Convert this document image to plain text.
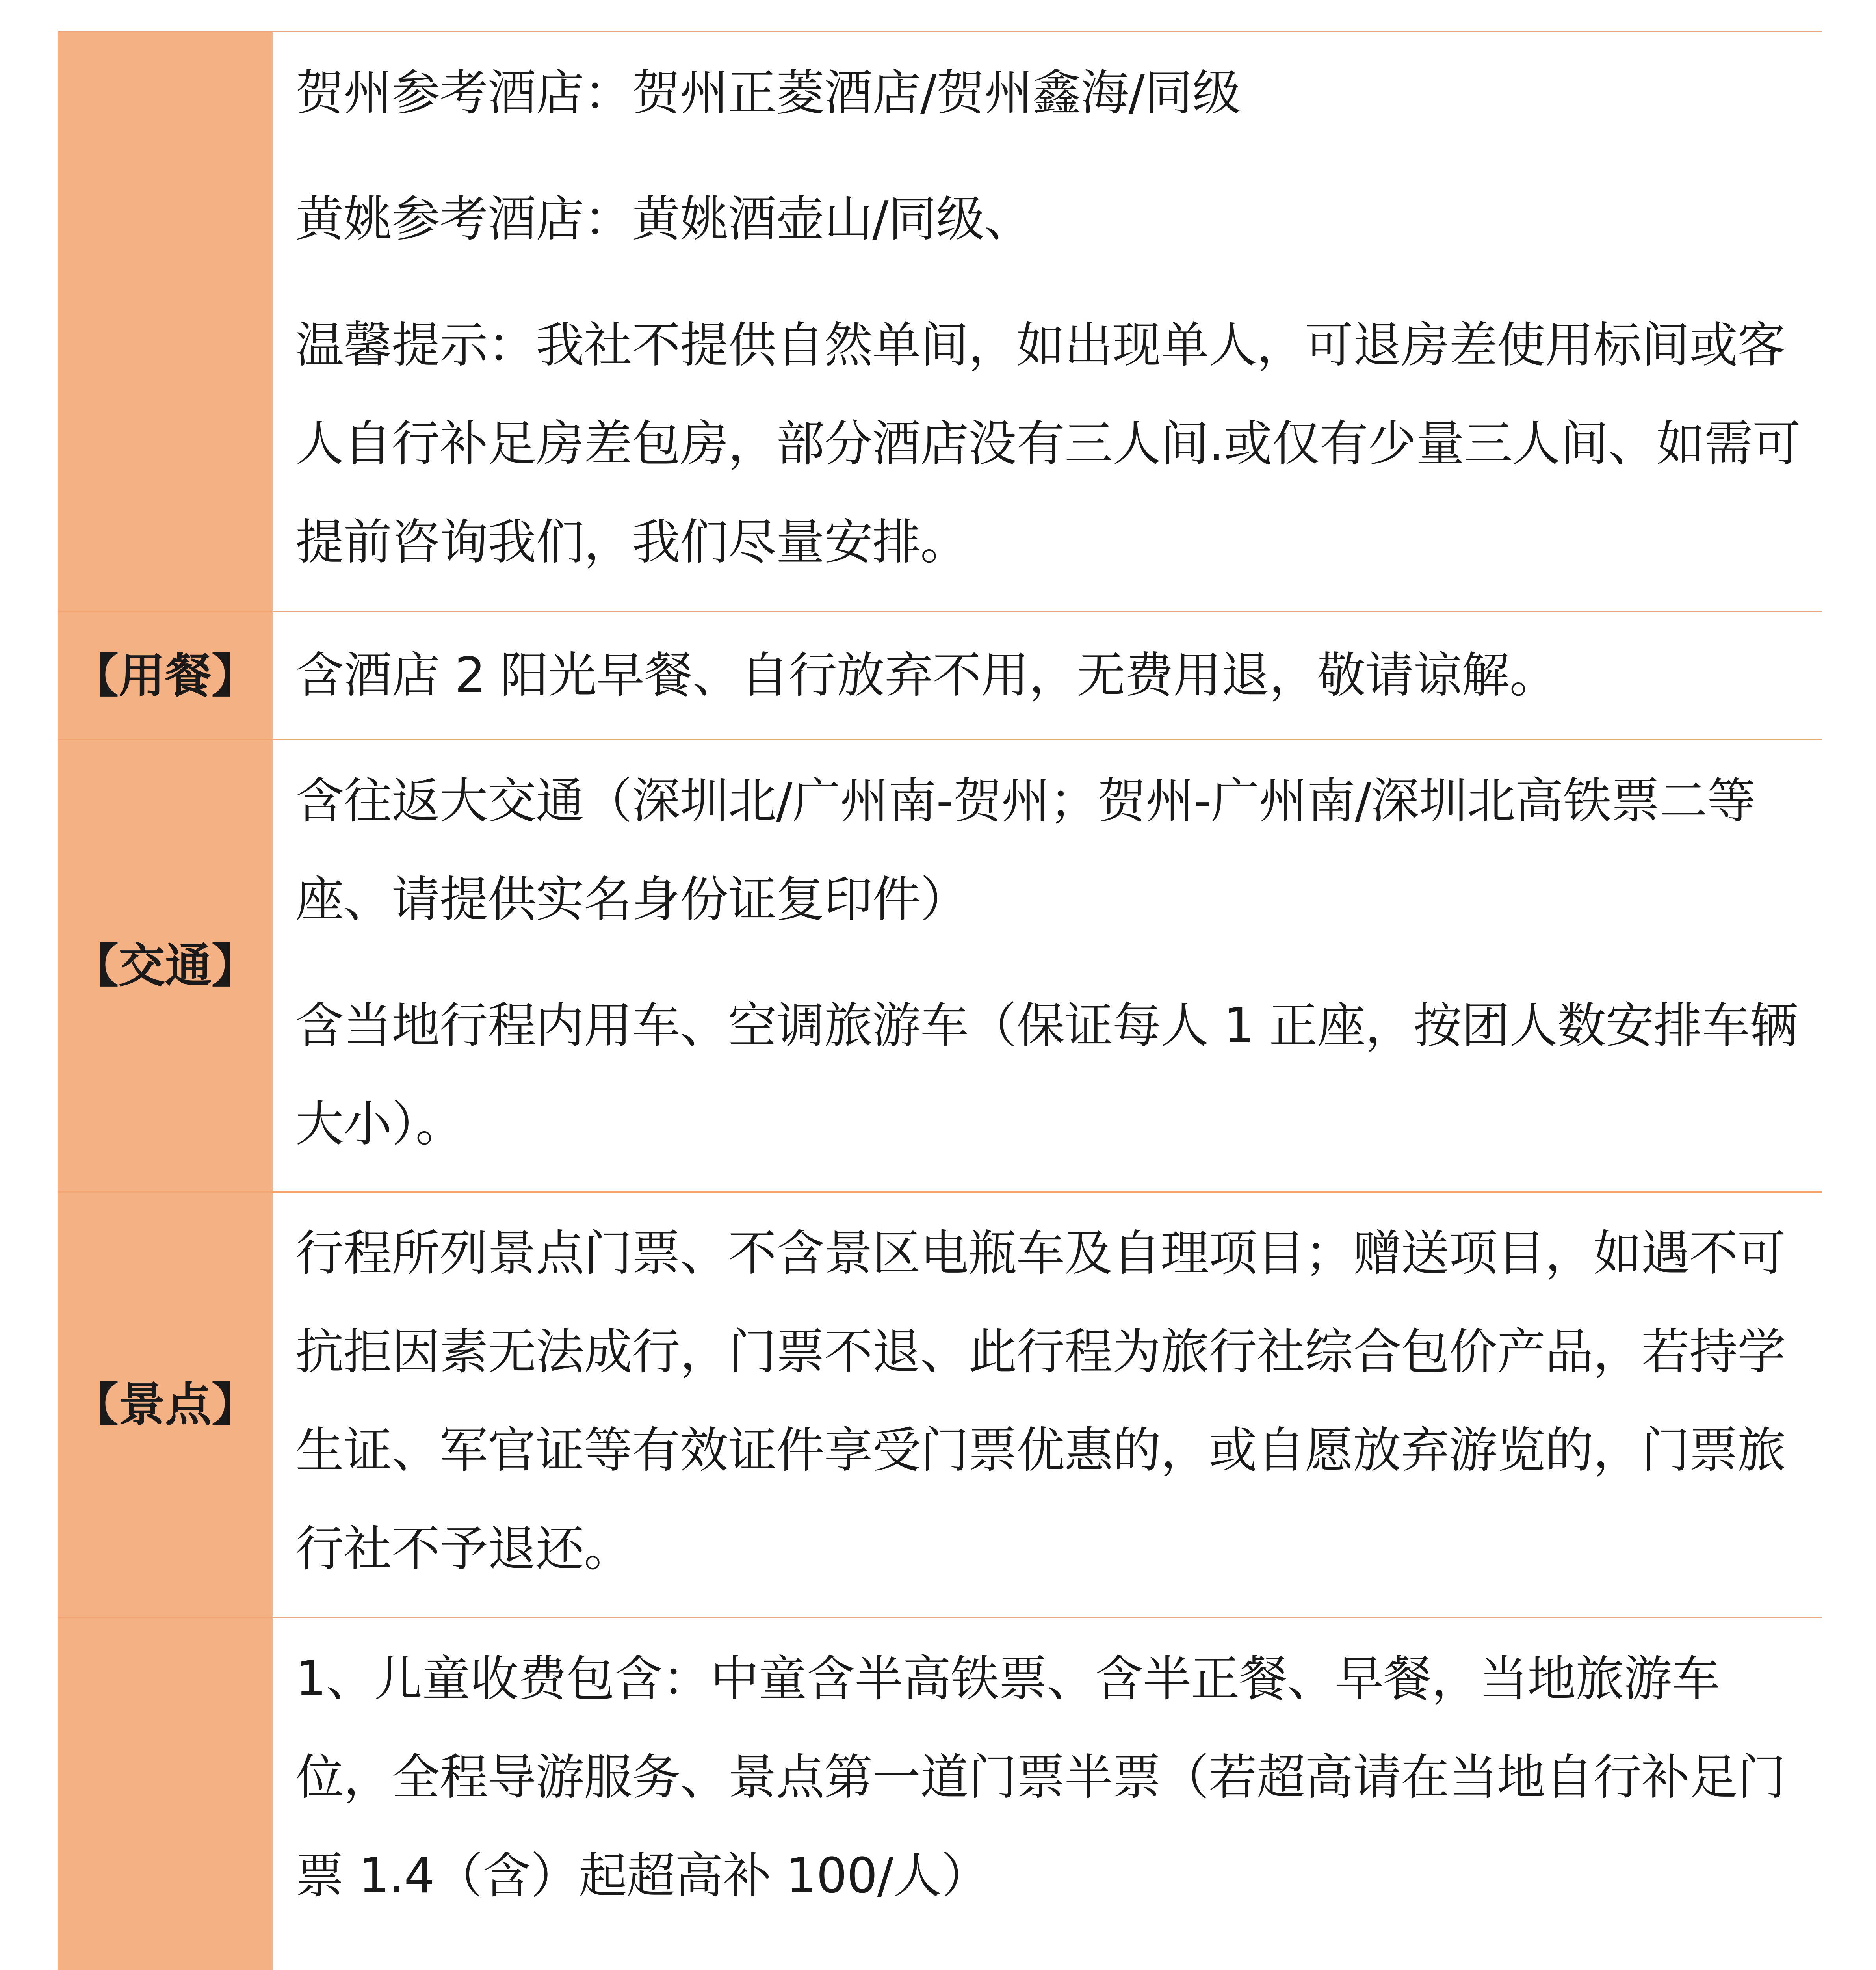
贺州参考酒店：贺州正菱酒店/贺州鑫海/同级

黄姚参考酒店：黄姚酒壶山/同级、

温馨提示：我社不提供自然单间，如出现单人，可退房差使用标间或客人自行补足房差包房，部分酒店没有三人间.或仅有少量三人间、如需可提前咨询我们，我们尽量安排。

【用餐】 含酒店 2 阳光早餐、自行放弃不用，无费用退，敬请谅解。

【交通】

含往返大交通（深圳北/广州南-贺州；贺州-广州南/深圳北高铁票二等座、请提供实名身份证复印件）

含当地行程内用车、空调旅游车（保证每人 1 正座，按团人数安排车辆大小）。

【景点】

行程所列景点门票、不含景区电瓶车及自理项目；赠送项目，如遇不可抗拒因素无法成行，门票不退、此行程为旅行社综合包价产品，若持学生证、军官证等有效证件享受门票优惠的，或自愿放弃游览的，门票旅行社不予退还。

1、儿童收费包含：中童含半高铁票、含半正餐、早餐，当地旅游车位，全程导游服务、景点第一道门票半票（若超高请在当地自行补足门票 1.4（含）起超高补 100/人）
